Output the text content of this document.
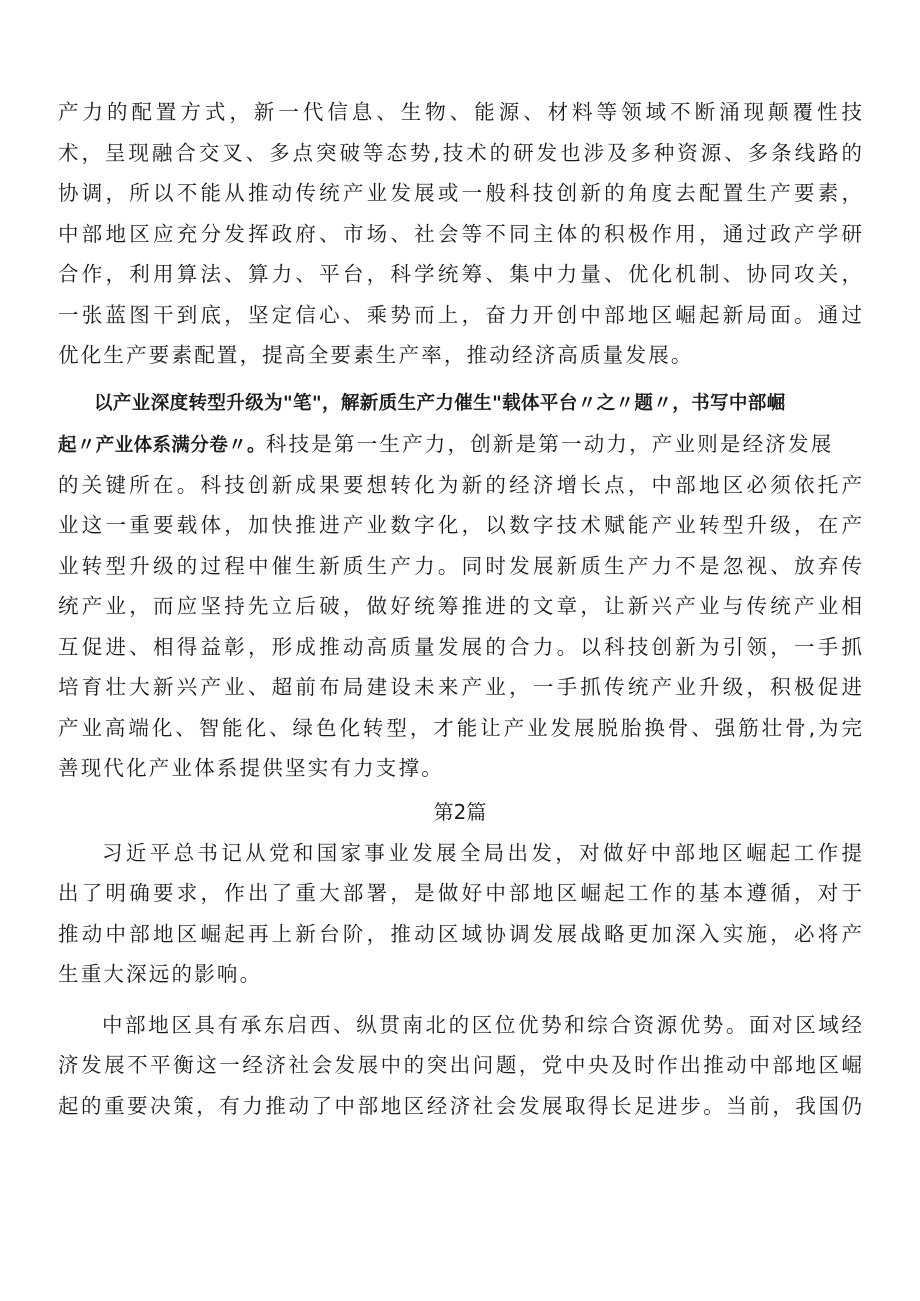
产力的配置方式，新一代信息、生物、能源、材料等领域不断涌现颠覆性技
术，呈现融合交叉、多点突破等态势,技术的研发也涉及多种资源、多条线路的
协调，所以不能从推动传统产业发展或一般科技创新的角度去配置生产要素，
中部地区应充分发挥政府、市场、社会等不同主体的积极作用，通过政产学研
合作，利用算法、算力、平台，科学统筹、集中力量、优化机制、协同攻关，
一张蓝图干到底，坚定信心、乘势而上，奋力开创中部地区崛起新局面。通过
优化生产要素配置，提高全要素生产率，推动经济高质量发展。
以产业深度转型升级为"笔"，解新质生产力催生"载体平台〃之〃题〃，书写中部崛
起〃产业体系满分卷〃。科技是第一生产力，创新是第一动力，产业则是经济发展
的关键所在。科技创新成果要想转化为新的经济增长点，中部地区必须依托产
业这一重要载体，加快推进产业数字化，以数字技术赋能产业转型升级，在产
业转型升级的过程中催生新质生产力。同时发展新质生产力不是忽视、放弃传
统产业，而应坚持先立后破，做好统筹推进的文章，让新兴产业与传统产业相
互促进、相得益彰，形成推动高质量发展的合力。以科技创新为引领，一手抓
培育壮大新兴产业、超前布局建设未来产业，一手抓传统产业升级，积极促进
产业高端化、智能化、绿色化转型，才能让产业发展脱胎换骨、强筋壮骨,为完
善现代化产业体系提供坚实有力支撑。
第2篇
习近平总书记从党和国家事业发展全局出发，对做好中部地区崛起工作提
出了明确要求，作出了重大部署，是做好中部地区崛起工作的基本遵循，对于
推动中部地区崛起再上新台阶，推动区域协调发展战略更加深入实施，必将产
生重大深远的影响。
中部地区具有承东启西、纵贯南北的区位优势和综合资源优势。面对区域经
济发展不平衡这一经济社会发展中的突出问题，党中央及时作出推动中部地区崛
起的重要决策，有力推动了中部地区经济社会发展取得长足进步。当前，我国仍
